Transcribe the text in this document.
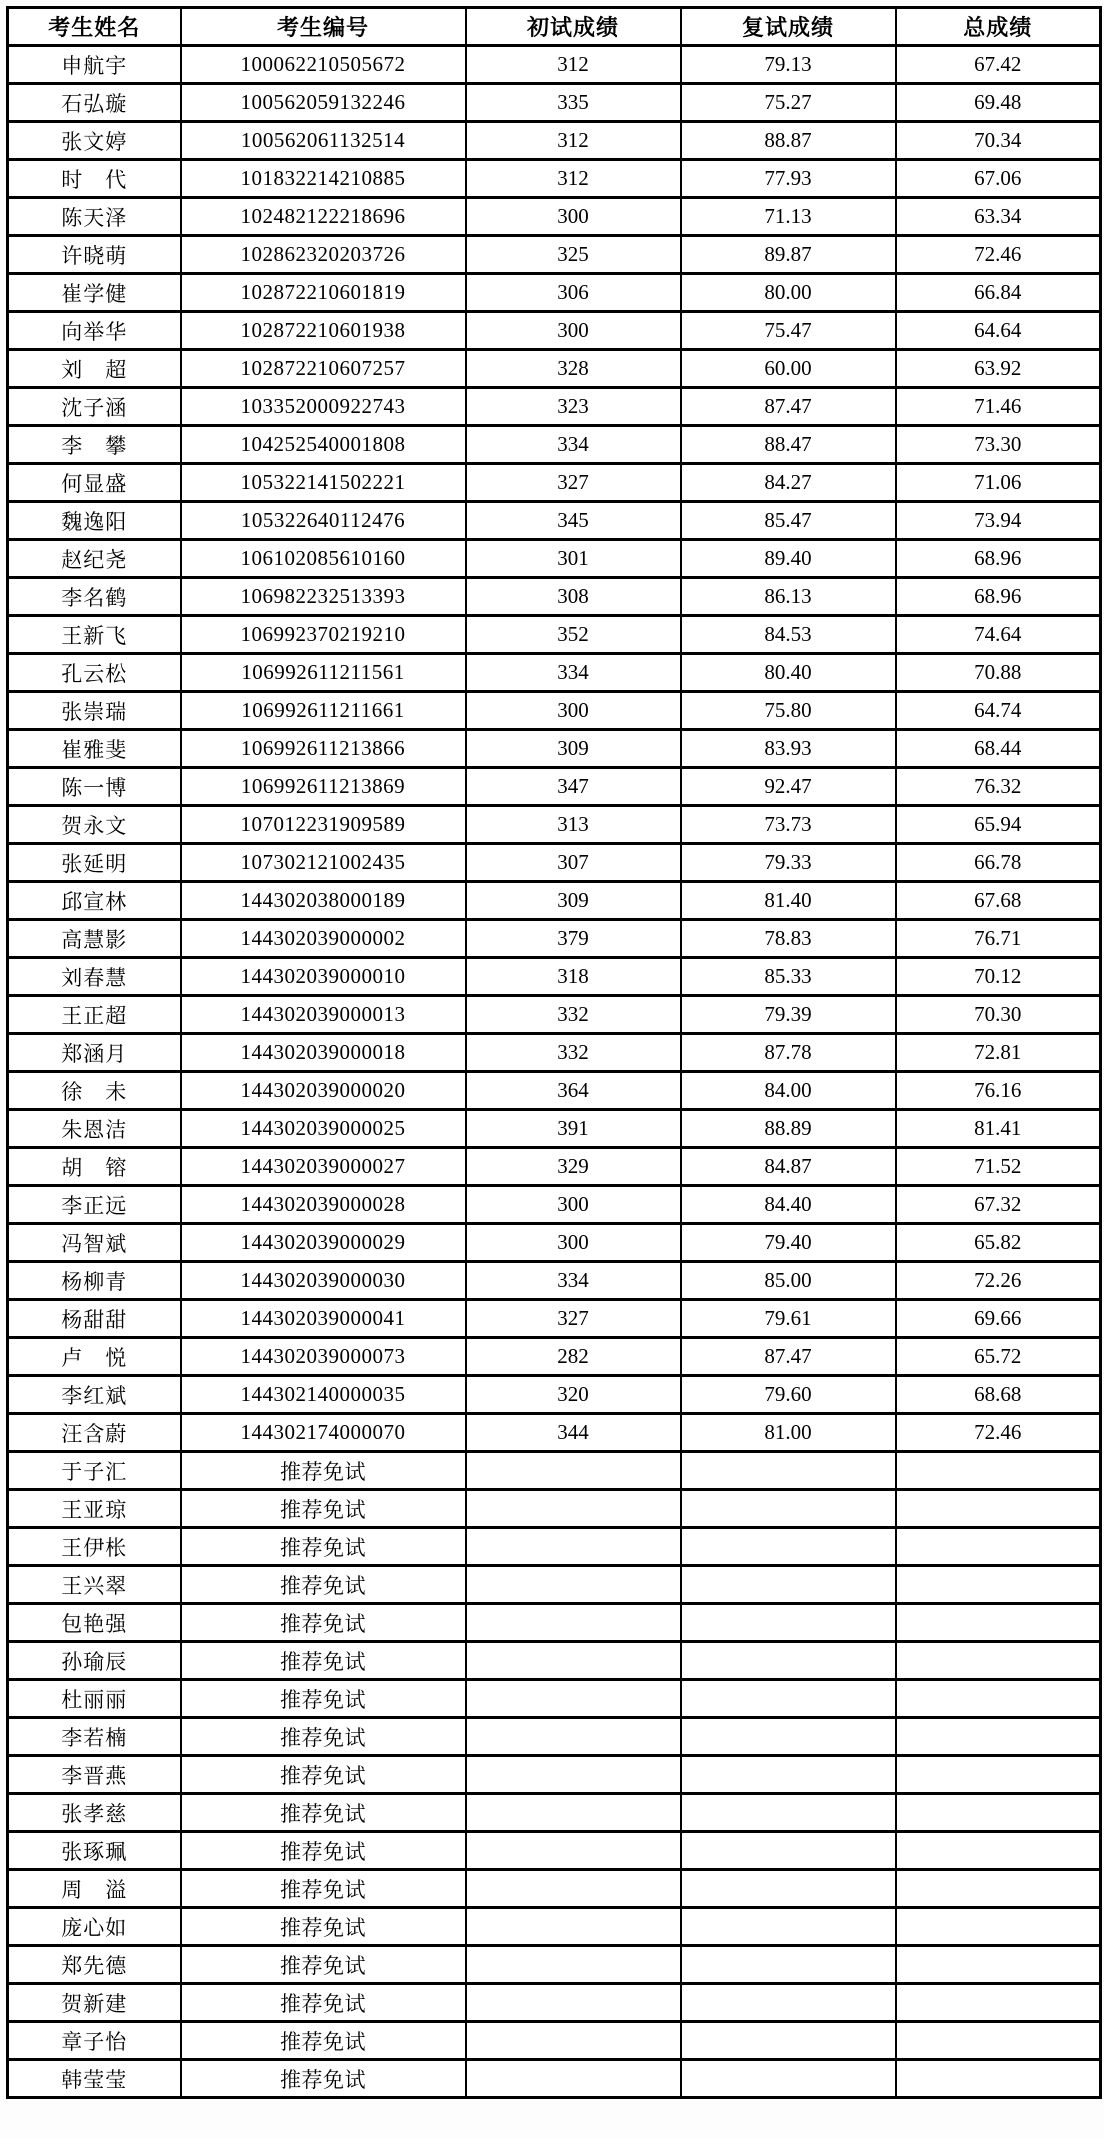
考生姓名	考生编号	初试成绩	复试成绩	总成绩
申航宇	100062210505672	312	79.13	67.42
石弘璇	100562059132246	335	75.27	69.48
张文婷	100562061132514	312	88.87	70.34
时　代	101832214210885	312	77.93	67.06
陈天泽	102482122218696	300	71.13	63.34
许晓萌	102862320203726	325	89.87	72.46
崔学健	102872210601819	306	80.00	66.84
向举华	102872210601938	300	75.47	64.64
刘　超	102872210607257	328	60.00	63.92
沈子涵	103352000922743	323	87.47	71.46
李　攀	104252540001808	334	88.47	73.30
何显盛	105322141502221	327	84.27	71.06
魏逸阳	105322640112476	345	85.47	73.94
赵纪尧	106102085610160	301	89.40	68.96
李名鹤	106982232513393	308	86.13	68.96
王新飞	106992370219210	352	84.53	74.64
孔云松	106992611211561	334	80.40	70.88
张崇瑞	106992611211661	300	75.80	64.74
崔雅斐	106992611213866	309	83.93	68.44
陈一博	106992611213869	347	92.47	76.32
贺永文	107012231909589	313	73.73	65.94
张延明	107302121002435	307	79.33	66.78
邱宣林	144302038000189	309	81.40	67.68
高慧影	144302039000002	379	78.83	76.71
刘春慧	144302039000010	318	85.33	70.12
王正超	144302039000013	332	79.39	70.30
郑涵月	144302039000018	332	87.78	72.81
徐　未	144302039000020	364	84.00	76.16
朱恩洁	144302039000025	391	88.89	81.41
胡　镕	144302039000027	329	84.87	71.52
李正远	144302039000028	300	84.40	67.32
冯智斌	144302039000029	300	79.40	65.82
杨柳青	144302039000030	334	85.00	72.26
杨甜甜	144302039000041	327	79.61	69.66
卢　悦	144302039000073	282	87.47	65.72
李红斌	144302140000035	320	79.60	68.68
汪含蔚	144302174000070	344	81.00	72.46
于子汇	推荐免试			
王亚琼	推荐免试			
王伊枨	推荐免试			
王兴翠	推荐免试			
包艳强	推荐免试			
孙瑜辰	推荐免试			
杜丽丽	推荐免试			
李若楠	推荐免试			
李晋燕	推荐免试			
张孝慈	推荐免试			
张琢珮	推荐免试			
周　溢	推荐免试			
庞心如	推荐免试			
郑先德	推荐免试			
贺新建	推荐免试			
章子怡	推荐免试			
韩莹莹	推荐免试			
